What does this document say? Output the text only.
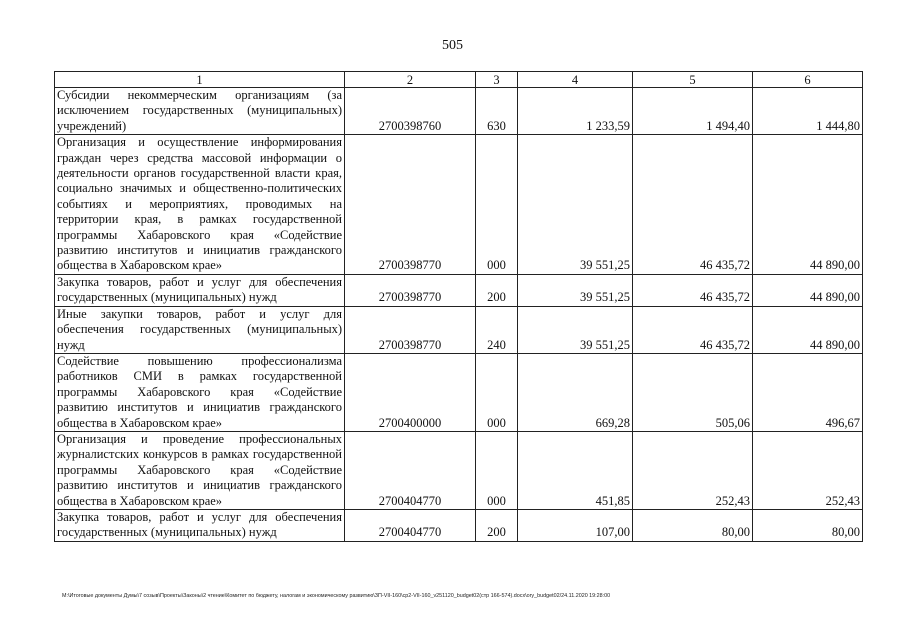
505
1	2	3	4	5	6
Субсидии некоммерческим организациям (за исключением государственных (муниципальных) учреждений)	2700398760	630	1 233,59	1 494,40	1 444,80
Организация и осуществление информирования граждан через средства массовой информации о деятельности органов государственной власти края, социально значимых и общественно-политических событиях и мероприятиях, проводимых на территории края, в рамках государственной программы Хабаровского края «Содействие развитию институтов и инициатив гражданского общества в Хабаровском крае»	2700398770	000	39 551,25	46 435,72	44 890,00
Закупка товаров, работ и услуг для обеспечения государственных (муниципальных) нужд	2700398770	200	39 551,25	46 435,72	44 890,00
Иные закупки товаров, работ и услуг для обеспечения государственных (муниципальных) нужд	2700398770	240	39 551,25	46 435,72	44 890,00
Содействие повышению профессионализма работников СМИ в рамках государственной программы Хабаровского края «Содействие развитию институтов и инициатив гражданского общества в Хабаровском крае»	2700400000	000	669,28	505,06	496,67
Организация и проведение профессиональных журналистских конкурсов в рамках государственной программы Хабаровского края «Содействие развитию институтов и инициатив гражданского общества в Хабаровском крае»	2700404770	000	451,85	252,43	252,43
Закупка товаров, работ и услуг для обеспечения государственных (муниципальных) нужд	2700404770	200	107,00	80,00	80,00
M:\Итоговые документы Думы\7 созыв\Проекты\Законы\2 чтение\Комитет по бюджету, налогам и экономическому развитию\ЗП-VII-160\сp2-VII-160_v251120_budget02(стр 166-574).docx\ory_budget02/24.11.2020 19:28:00
